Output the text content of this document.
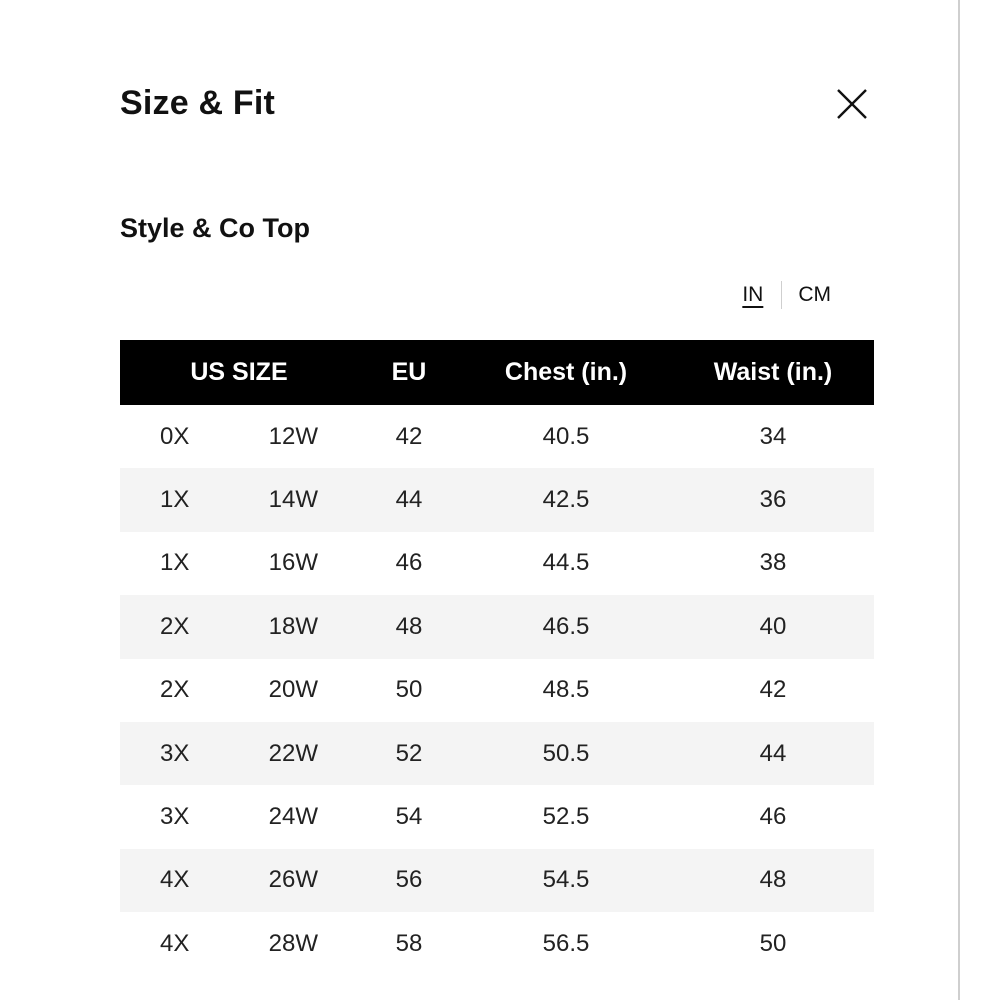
Size & Fit
Style & Co Top
IN CM
US SIZE	EU	Chest (in.)	Waist (in.)

0X 12W	42	40.5	34

1X 14W	44	42.5	36

1X 16W	46	44.5	38

2X 18W	48	46.5	40

2X 20W	50	48.5	42

3X 22W	52	50.5	44

3X 24W	54	52.5	46

4X 26W	56	54.5	48

4X 28W	58	56.5	50
